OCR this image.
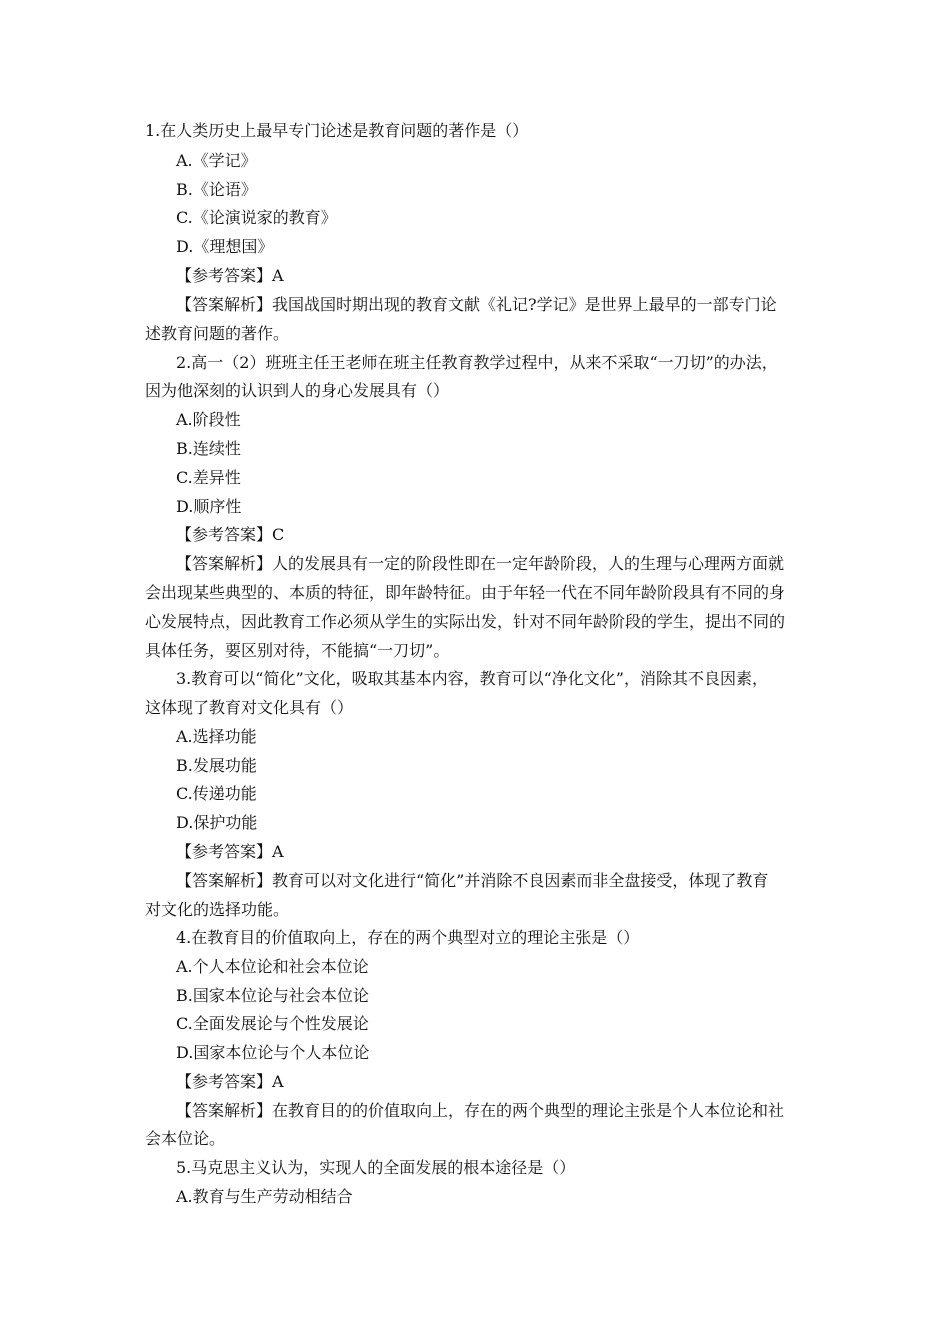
1.在人类历史上最早专门论述是教育问题的著作是（）
A.《学记》
B.《论语》
C.《论演说家的教育》
D.《理想国》
【参考答案】A
【答案解析】我国战国时期出现的教育文献《礼记?学记》是世界上最早的一部专门论
述教育问题的著作。
2.高一（2）班班主任王老师在班主任教育教学过程中，从来不采取“一刀切”的办法，
因为他深刻的认识到人的身心发展具有（）
A.阶段性
B.连续性
C.差异性
D.顺序性
【参考答案】C
【答案解析】人的发展具有一定的阶段性即在一定年龄阶段，人的生理与心理两方面就
会出现某些典型的、本质的特征，即年龄特征。由于年轻一代在不同年龄阶段具有不同的身
心发展特点，因此教育工作必须从学生的实际出发，针对不同年龄阶段的学生，提出不同的
具体任务，要区别对待，不能搞“一刀切”。
3.教育可以“简化”文化，吸取其基本内容，教育可以“净化文化”，消除其不良因素，
这体现了教育对文化具有（）
A.选择功能
B.发展功能
C.传递功能
D.保护功能
【参考答案】A
【答案解析】教育可以对文化进行“简化”并消除不良因素而非全盘接受，体现了教育
对文化的选择功能。
4.在教育目的价值取向上，存在的两个典型对立的理论主张是（）
A.个人本位论和社会本位论
B.国家本位论与社会本位论
C.全面发展论与个性发展论
D.国家本位论与个人本位论
【参考答案】A
【答案解析】在教育目的的价值取向上，存在的两个典型的理论主张是个人本位论和社
会本位论。
5.马克思主义认为，实现人的全面发展的根本途径是（）
A.教育与生产劳动相结合
